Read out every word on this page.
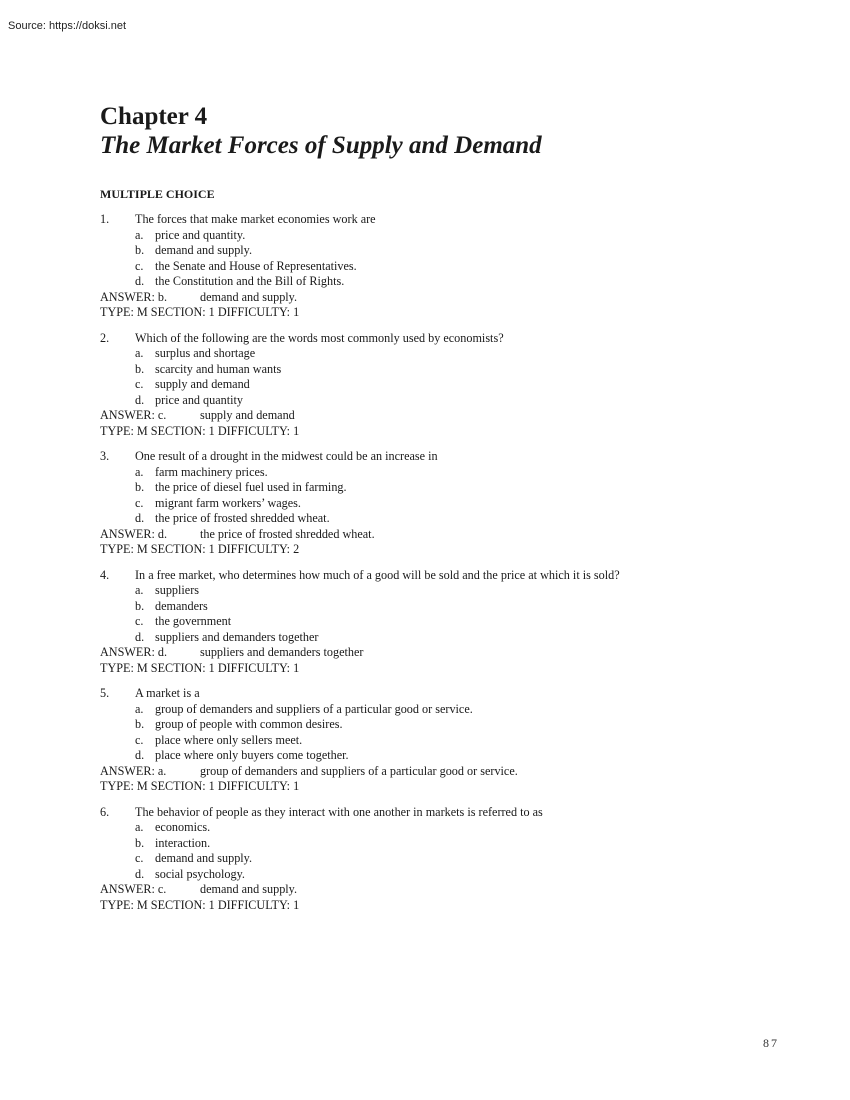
Source: https://doksi.net
Chapter 4
The Market Forces of Supply and Demand
MULTIPLE CHOICE
1.	The forces that make market economies work are
a. price and quantity.
b. demand and supply.
c. the Senate and House of Representatives.
d. the Constitution and the Bill of Rights.
ANSWER: b.	demand and supply.
TYPE: M SECTION: 1 DIFFICULTY: 1
2.	Which of the following are the words most commonly used by economists?
a. surplus and shortage
b. scarcity and human wants
c. supply and demand
d. price and quantity
ANSWER: c.	supply and demand
TYPE: M SECTION: 1 DIFFICULTY: 1
3.	One result of a drought in the midwest could be an increase in
a. farm machinery prices.
b. the price of diesel fuel used in farming.
c. migrant farm workers’ wages.
d. the price of frosted shredded wheat.
ANSWER: d.	the price of frosted shredded wheat.
TYPE: M SECTION: 1 DIFFICULTY: 2
4.	In a free market, who determines how much of a good will be sold and the price at which it is sold?
a. suppliers
b. demanders
c. the government
d. suppliers and demanders together
ANSWER: d.	suppliers and demanders together
TYPE: M SECTION: 1 DIFFICULTY: 1
5.	A market is a
a. group of demanders and suppliers of a particular good or service.
b. group of people with common desires.
c. place where only sellers meet.
d. place where only buyers come together.
ANSWER: a.	group of demanders and suppliers of a particular good or service.
TYPE: M SECTION: 1 DIFFICULTY: 1
6.	The behavior of people as they interact with one another in markets is referred to as
a. economics.
b. interaction.
c. demand and supply.
d. social psychology.
ANSWER: c.	demand and supply.
TYPE: M SECTION: 1 DIFFICULTY: 1
87
